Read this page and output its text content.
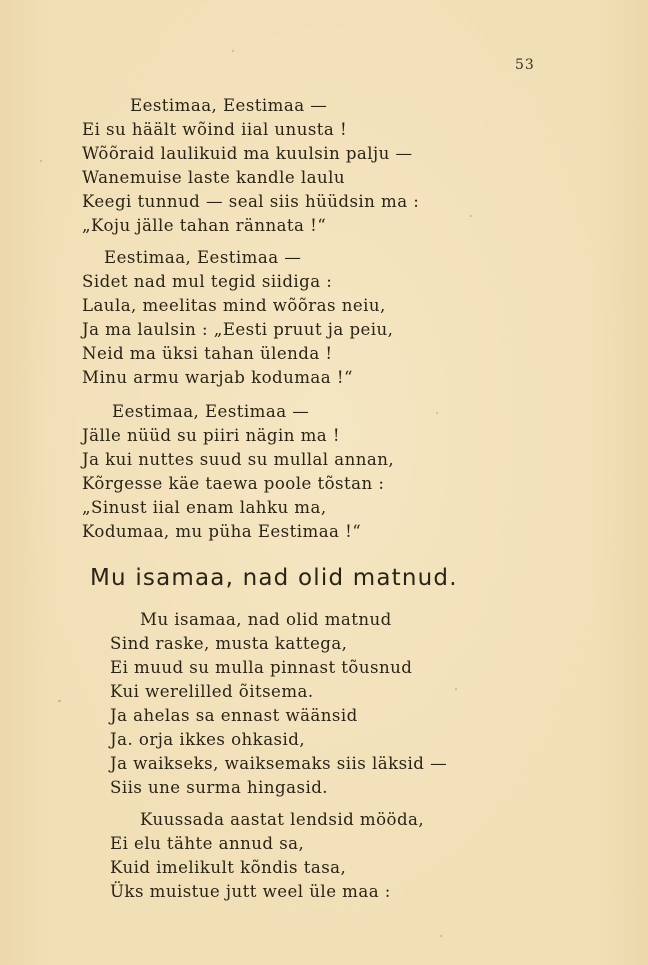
53
Eestimaa, Eestimaa —
Ei su häält wõind iial unusta !
Wõõraid laulikuid ma kuulsin palju —
Wanemuise laste kandle laulu
Keegi tunnud — seal siis hüüdsin ma :
„Koju jälle tahan rännata !“
Eestimaa, Eestimaa —
Sidet nad mul tegid siidiga :
Laula, meelitas mind wõõras neiu,
Ja ma laulsin : „Eesti pruut ja peiu,
Neid ma üksi tahan ülenda !
Minu armu warjab kodumaa !“
Eestimaa, Eestimaa —
Jälle nüüd su piiri nägin ma !
Ja kui nuttes suud su mullal annan,
Kõrgesse käe taewa poole tõstan :
„Sinust iial enam lahku ma,
Kodumaa, mu püha Eestimaa !“
Mu isamaa, nad olid matnud.
Mu isamaa, nad olid matnud
Sind raske, musta kattega,
Ei muud su mulla pinnast tõusnud
Kui werelilled õitsema.
Ja ahelas sa ennast wäänsid
Ja. orja ikkes ohkasid,
Ja waikseks, waiksemaks siis läksid —
Siis une surma hingasid.
Kuussada aastat lendsid mööda,
Ei elu tähte annud sa,
Kuid imelikult kõndis tasa,
Üks muistue jutt weel üle maa :
